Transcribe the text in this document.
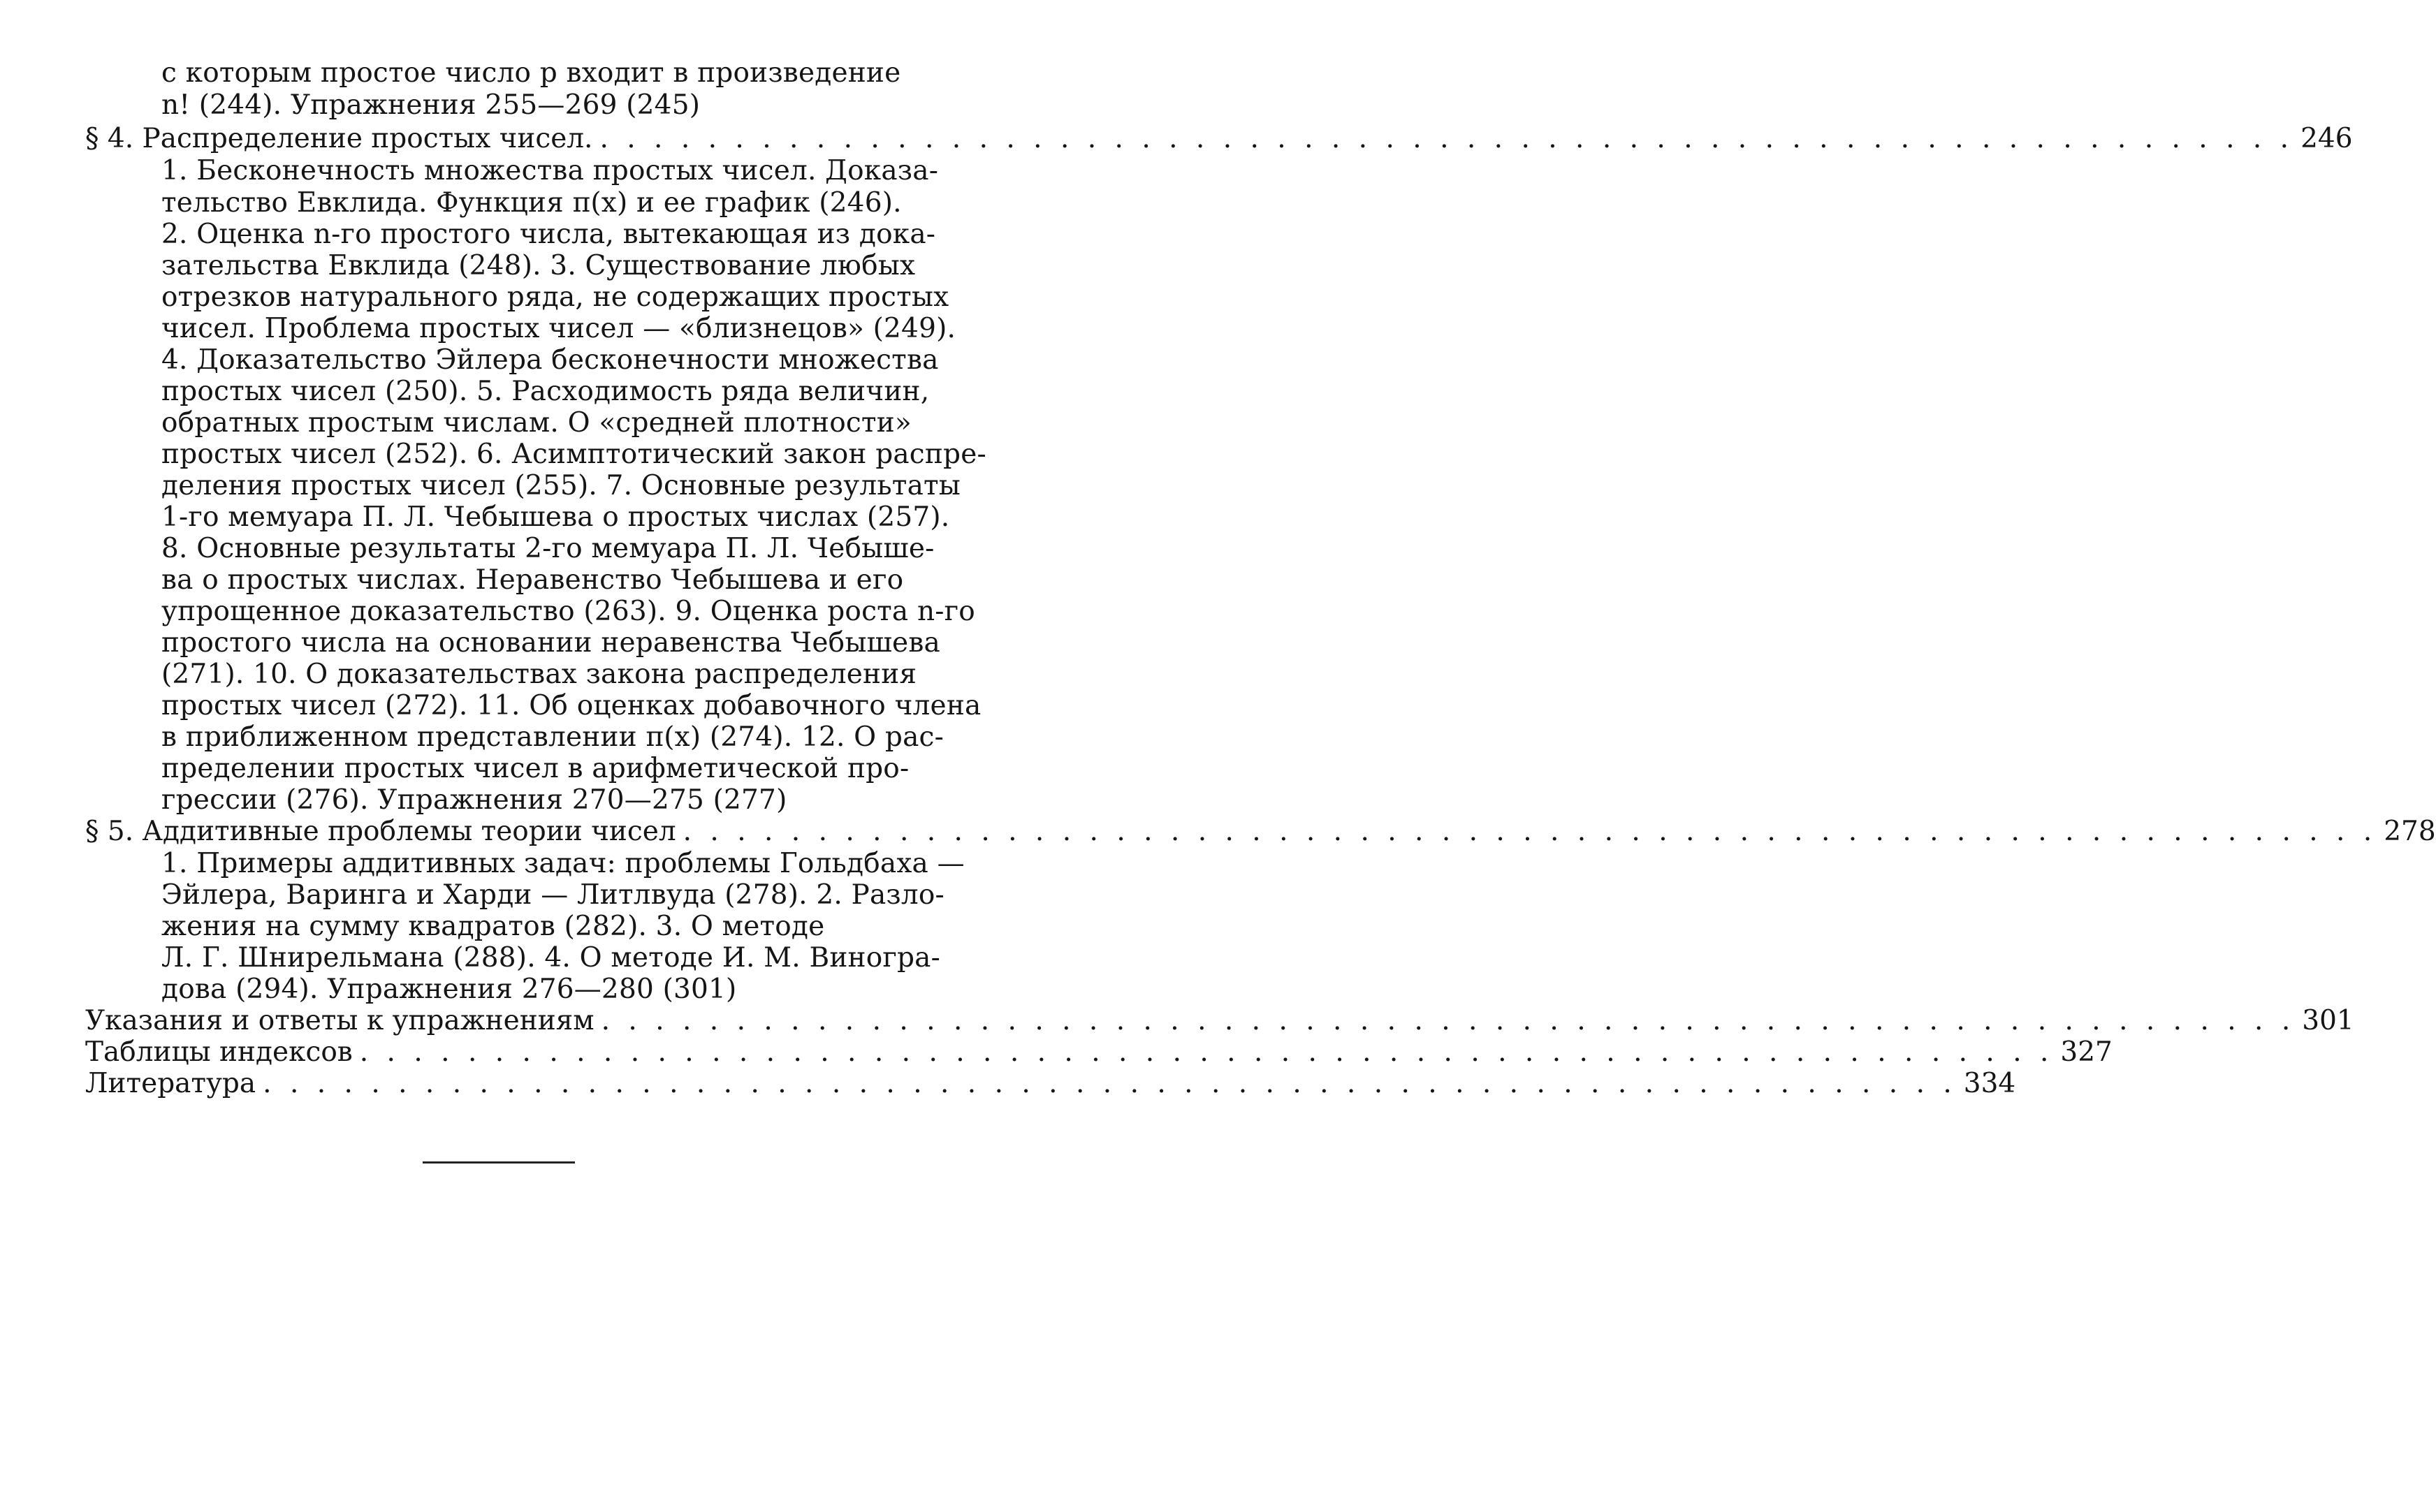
с которым простое число p входит в произведение
n! (244). Упражнения 255—269 (245)
§ 4. Распределение простых чисел. . . . . . . . . . . . . . . . . . . . . . . . . . . . . . . . . . . . . . . . . . . . . . . . . . . . . . . . . . . . . . . . 246
1. Бесконечность множества простых чисел. Доказа-
тельство Евклида. Функция π(x) и ее график (246).
2. Оценка n-го простого числа, вытекающая из дока-
зательства Евклида (248). 3. Существование любых
отрезков натурального ряда, не содержащих простых
чисел. Проблема простых чисел — «близнецов» (249).
4. Доказательство Эйлера бесконечности множества
простых чисел (250). 5. Расходимость ряда величин,
обратных простым числам. О «средней плотности»
простых чисел (252). 6. Асимптотический закон распре-
деления простых чисел (255). 7. Основные результаты
1-го мемуара П. Л. Чебышева о простых числах (257).
8. Основные результаты 2-го мемуара П. Л. Чебыше-
ва о простых числах. Неравенство Чебышева и его
упрощенное доказательство (263). 9. Оценка роста n-го
простого числа на основании неравенства Чебышева
(271). 10. О доказательствах закона распределения
простых чисел (272). 11. Об оценках добавочного члена
в приближенном представлении π(x) (274). 12. О рас-
пределении простых чисел в арифметической про-
грессии (276). Упражнения 270—275 (277)
§ 5. Аддитивные проблемы теории чисел . . . . . . . . . . . . . . . . . . . . . . . . . . . . . . . . . . . . . . . . . . . . . . . . . . . . . . . . . . . . . . . 278
1. Примеры аддитивных задач: проблемы Гольдбаха —
Эйлера, Варинга и Харди — Литлвуда (278). 2. Разло-
жения на сумму квадратов (282). 3. О методе
Л. Г. Шнирельмана (288). 4. О методе И. М. Виногра-
дова (294). Упражнения 276—280 (301)
Указания и ответы к упражнениям . . . . . . . . . . . . . . . . . . . . . . . . . . . . . . . . . . . . . . . . . . . . . . . . . . . . . . . . . . . . . . . 301
Таблицы индексов . . . . . . . . . . . . . . . . . . . . . . . . . . . . . . . . . . . . . . . . . . . . . . . . . . . . . . . . . . . . . . . 327
Литература . . . . . . . . . . . . . . . . . . . . . . . . . . . . . . . . . . . . . . . . . . . . . . . . . . . . . . . . . . . . . . . 334
